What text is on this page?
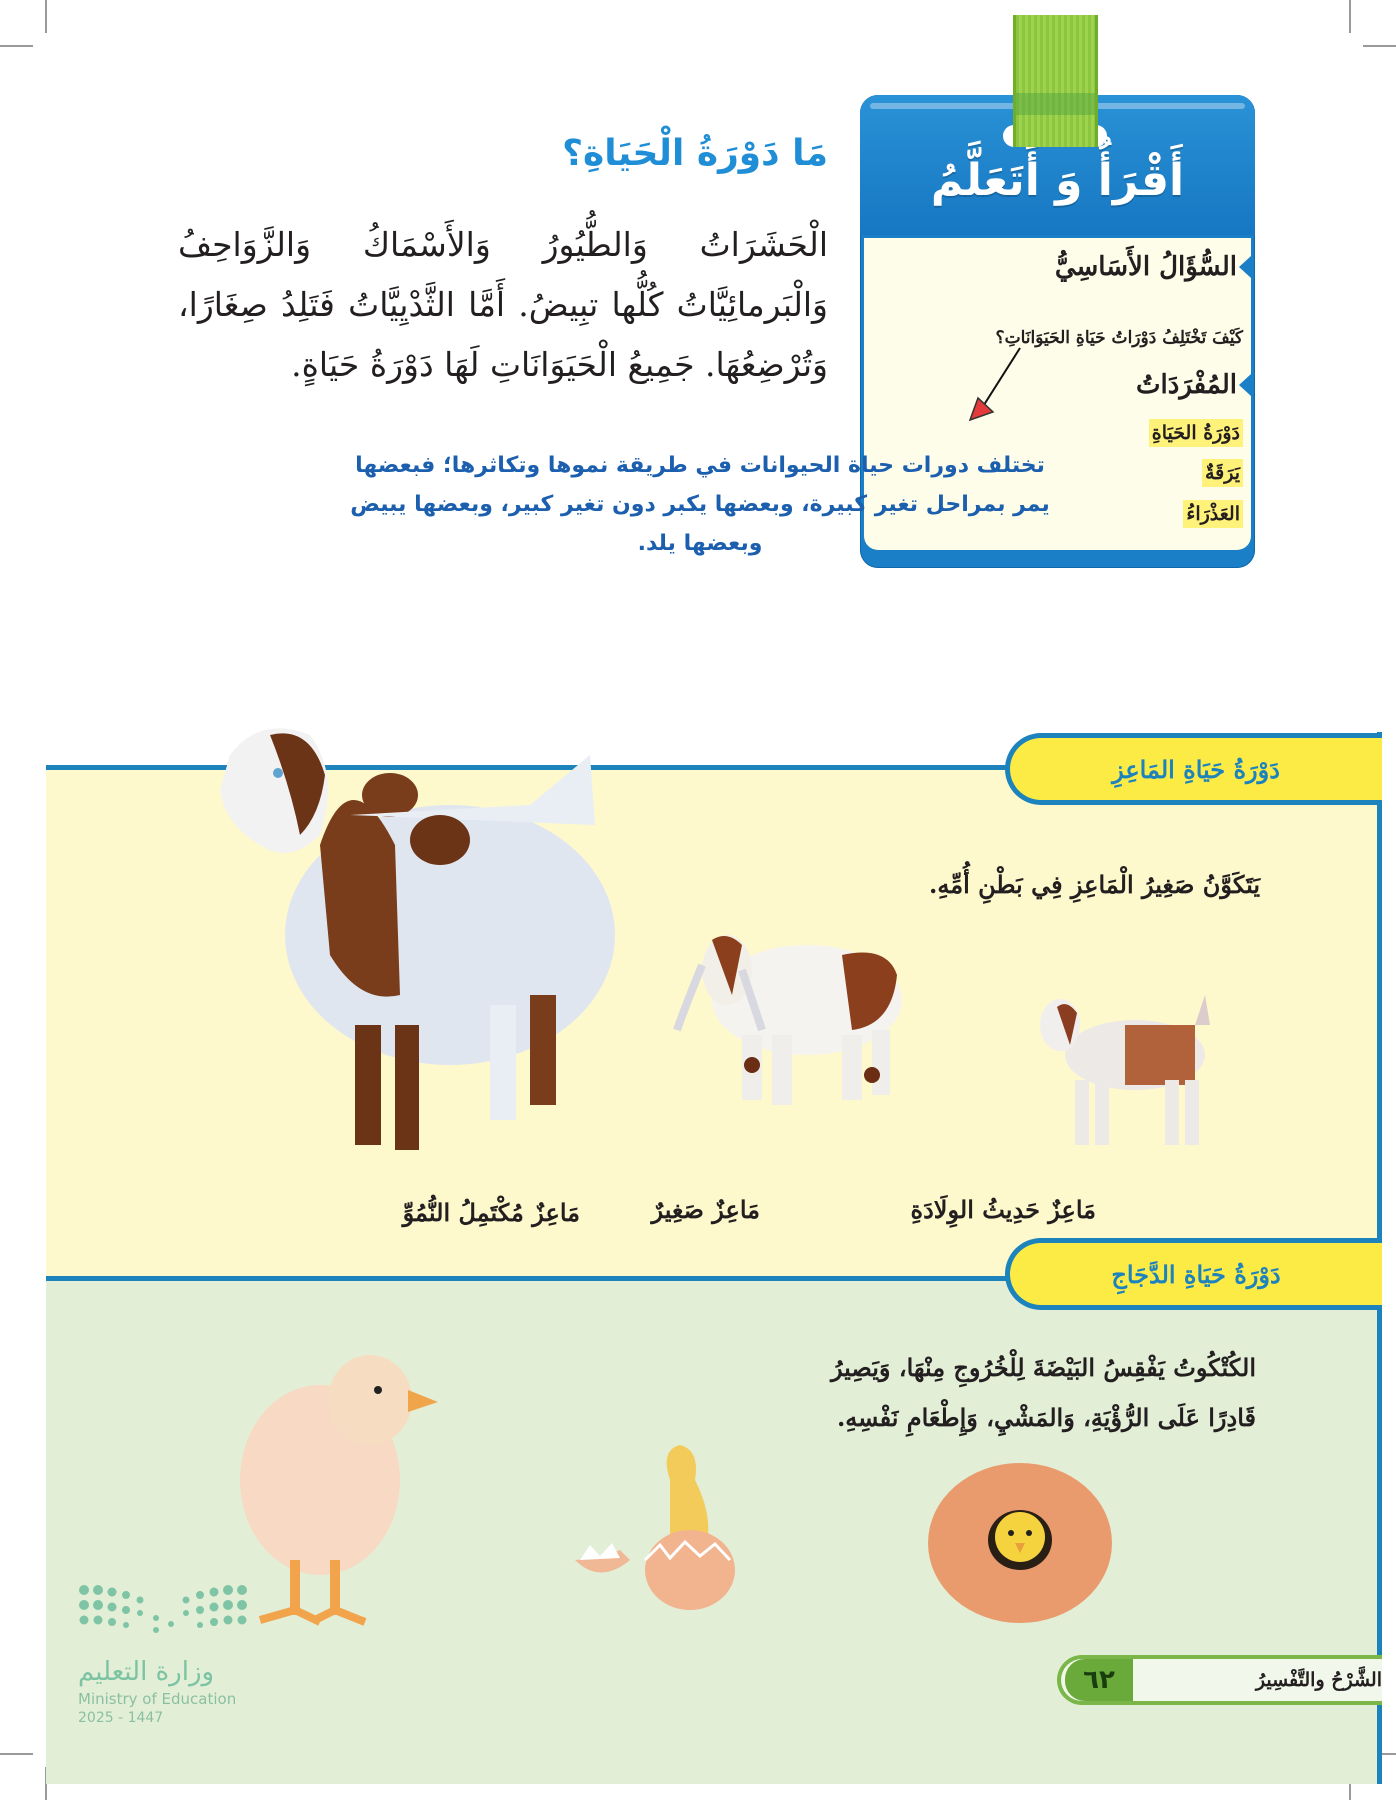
أَقْرَأُ وَ أَتَعَلَّمُ
السُّؤَالُ الأَسَاسِيُّ
كَيْفَ تَخْتَلِفُ دَوْرَاتُ حَيَاةِ الحَيَوَانَاتِ؟
المُفْرَدَاتُ
دَوْرَةُ الحَيَاةِ
يَرَقَةٌ
العَذْرَاءُ
مَا دَوْرَةُ الْحَيَاةِ؟
الْحَشَرَاتُ وَالطُّيُورُ وَالأَسْمَاكُ وَالزَّوَاحِفُ وَالْبَرمائِيَّاتُ كُلُّها تبِيضُ. أَمَّا الثَّدْيِيَّاتُ فَتَلِدُ صِغَارًا، وَتُرْضِعُهَا. جَمِيعُ الْحَيَوَانَاتِ لَهَا دَوْرَةُ حَيَاةٍ.
تختلف دورات حياة الحيوانات في طريقة نموها وتكاثرها؛ فبعضها يمر بمراحل تغير كبيرة، وبعضها يكبر دون تغير كبير، وبعضها يبيض وبعضها يلد.
دَوْرَةُ حَيَاةِ المَاعِزِ
يَتَكَوَّنُ صَغِيرُ الْمَاعِزِ فِي بَطْنِ أُمِّهِ.
مَاعِزٌ حَدِيثُ الوِلَادَةِ
مَاعِزٌ صَغِيرٌ
مَاعِزٌ مُكْتَمِلُ النُّمُوِّ
دَوْرَةُ حَيَاةِ الدَّجَاجِ
الكُتْكُوتُ يَفْقِسُ البَيْضَةَ لِلْخُرُوجِ مِنْهَا، وَيَصِيرُ
قَادِرًا عَلَى الرُّؤْيَةِ، وَالمَشْيِ، وَإِطْعَامِ نَفْسِهِ.
وزارة التعليم
Ministry of Education
2025 - 1447
٦٢	الشَّرْحُ والتَّفْسِيرُ
